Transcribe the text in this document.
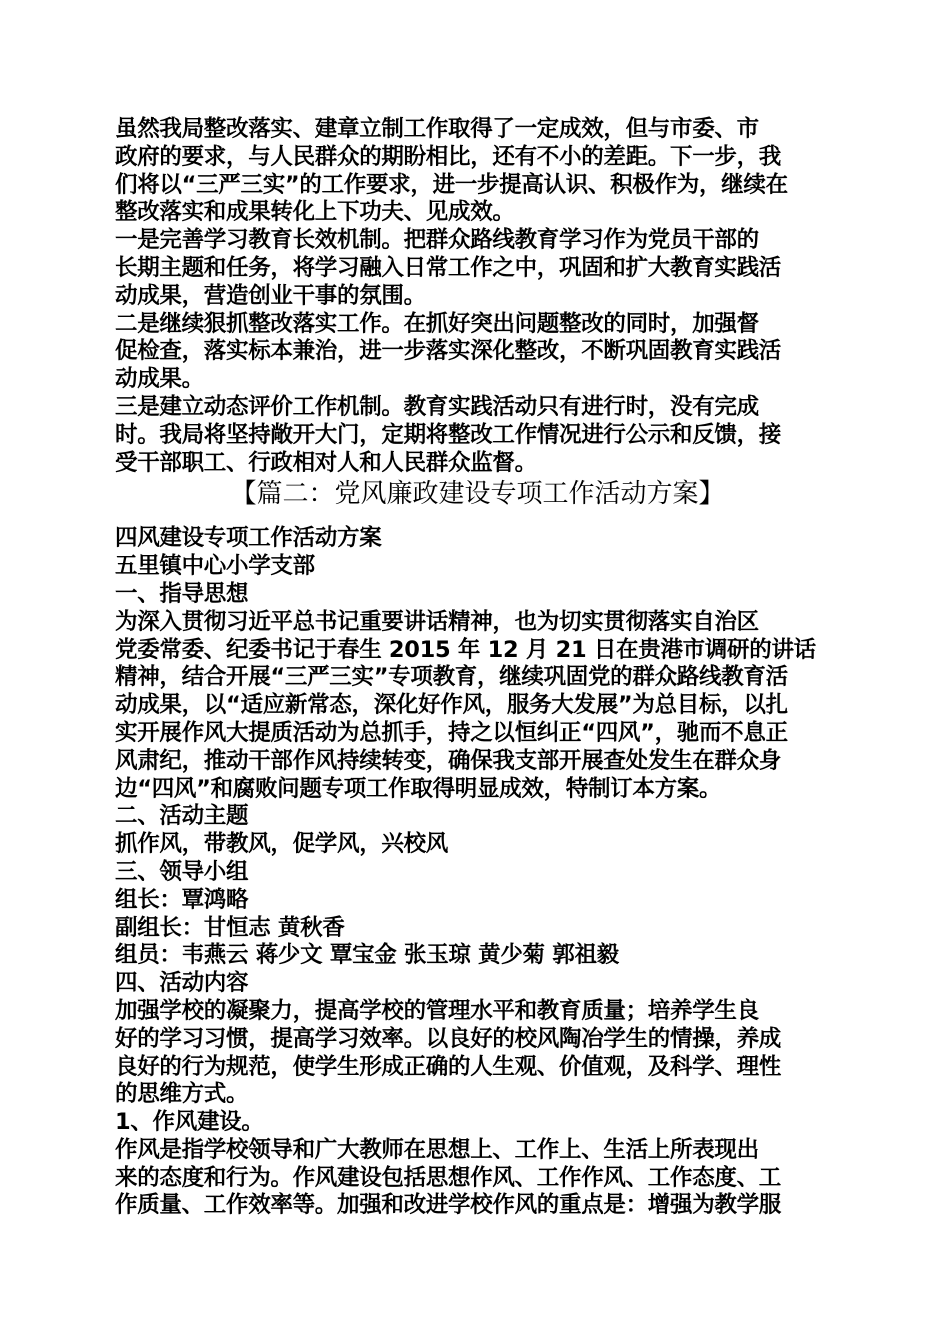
虽然我局整改落实、建章立制工作取得了一定成效，但与市委、市

政府的要求，与人民群众的期盼相比，还有不小的差距。下一步，我

们将以“三严三实”的工作要求，进一步提高认识、积极作为，继续在

整改落实和成果转化上下功夫、见成效。

一是完善学习教育长效机制。把群众路线教育学习作为党员干部的

长期主题和任务，将学习融入日常工作之中，巩固和扩大教育实践活

动成果，营造创业干事的氛围。

二是继续狠抓整改落实工作。在抓好突出问题整改的同时，加强督

促检查，落实标本兼治，进一步落实深化整改，不断巩固教育实践活

动成果。

三是建立动态评价工作机制。教育实践活动只有进行时，没有完成

时。我局将坚持敞开大门，定期将整改工作情况进行公示和反馈，接

受干部职工、行政相对人和人民群众监督。

【篇二：党风廉政建设专项工作活动方案】

四风建设专项工作活动方案

五里镇中心小学支部

一、指导思想

为深入贯彻习近平总书记重要讲话精神，也为切实贯彻落实自治区

党委常委、纪委书记于春生 2015 年 12 月 21 日在贵港市调研的讲话

精神，结合开展“三严三实”专项教育，继续巩固党的群众路线教育活

动成果，以“适应新常态，深化好作风，服务大发展”为总目标，以扎

实开展作风大提质活动为总抓手，持之以恒纠正“四风”，驰而不息正

风肃纪，推动干部作风持续转变，确保我支部开展查处发生在群众身

边“四风”和腐败问题专项工作取得明显成效，特制订本方案。

二、活动主题

抓作风，带教风，促学风，兴校风

三、领导小组

组长：覃鸿略

副组长：甘恒志 黄秋香

组员：韦燕云 蒋少文 覃宝金 张玉琼 黄少菊 郭祖毅

四、活动内容

加强学校的凝聚力，提高学校的管理水平和教育质量；培养学生良

好的学习习惯，提高学习效率。以良好的校风陶冶学生的情操，养成

良好的行为规范，使学生形成正确的人生观、价值观，及科学、理性

的思维方式。

1、作风建设。

作风是指学校领导和广大教师在思想上、工作上、生活上所表现出

来的态度和行为。作风建设包括思想作风、工作作风、工作态度、工

作质量、工作效率等。加强和改进学校作风的重点是：增强为教学服
